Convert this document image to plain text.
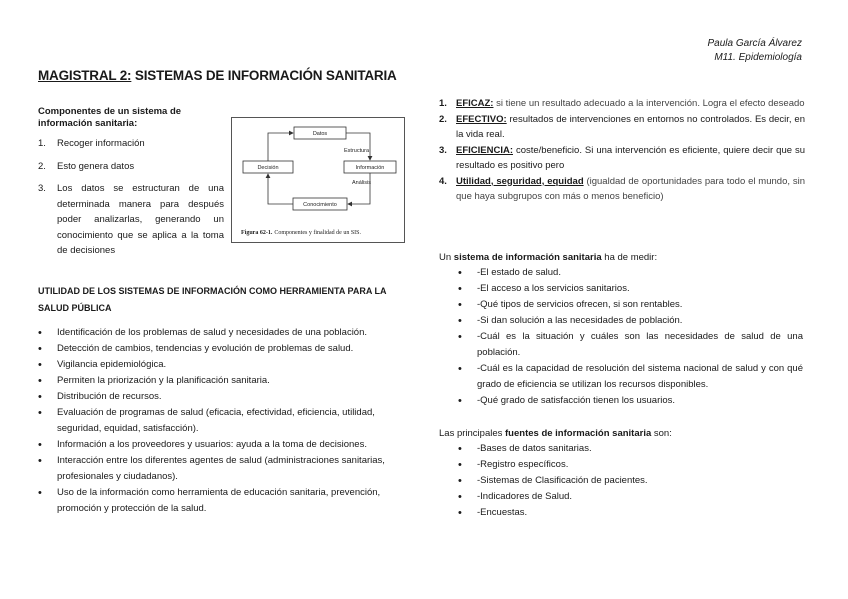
Paula García Álvarez
M11. Epidemiología
MAGISTRAL 2: SISTEMAS DE INFORMACIÓN SANITARIA
Componentes de un sistema de información sanitaria:
1. Recoger información
2. Esto genera datos
3. Los datos se estructuran de una determinada manera para después poder analizarlas, generando un conocimiento que se aplica a la toma de decisiones
Datos
Decisión	Información
Conocimiento
Estructura
Análisis
Figura 62-1. Componentes y finalidad de un SIS.
UTILIDAD DE LOS SISTEMAS DE INFORMACIÓN COMO HERRAMIENTA PARA LA SALUD PÚBLICA
• Identificación de los problemas de salud y necesidades de una población.
• Detección de cambios, tendencias y evolución de problemas de salud.
• Vigilancia epidemiológica.
• Permiten la priorización y la planificación sanitaria.
• Distribución de recursos.
• Evaluación de programas de salud (eficacia, efectividad, eficiencia, utilidad, seguridad, equidad, satisfacción).
• Información a los proveedores y usuarios: ayuda a la toma de decisiones.
• Interacción entre los diferentes agentes de salud (administraciones sanitarias, profesionales y ciudadanos).
• Uso de la información como herramienta de educación sanitaria, prevención, promoción y protección de la salud.
1. EFICAZ: si tiene un resultado adecuado a la intervención. Logra el efecto deseado
2. EFECTIVO: resultados de intervenciones en entornos no controlados. Es decir, en la vida real.
3. EFICIENCIA: coste/beneficio. Si una intervención es eficiente, quiere decir que su resultado es positivo pero
4. Utilidad, seguridad, equidad (igualdad de oportunidades para todo el mundo, sin que haya subgrupos con más o menos beneficio)
Un sistema de información sanitaria ha de medir:
• -El estado de salud.
• -El acceso a los servicios sanitarios.
• -Qué tipos de servicios ofrecen, si son rentables.
• -Si dan solución a las necesidades de población.
• -Cuál es la situación y cuáles son las necesidades de salud de una población.
• -Cuál es la capacidad de resolución del sistema nacional de salud y con qué grado de eficiencia se utilizan los recursos disponibles.
• -Qué grado de satisfacción tienen los usuarios.
Las principales fuentes de información sanitaria son:
• -Bases de datos sanitarias.
• -Registro específicos.
• -Sistemas de Clasificación de pacientes.
• -Indicadores de Salud.
• -Encuestas.
